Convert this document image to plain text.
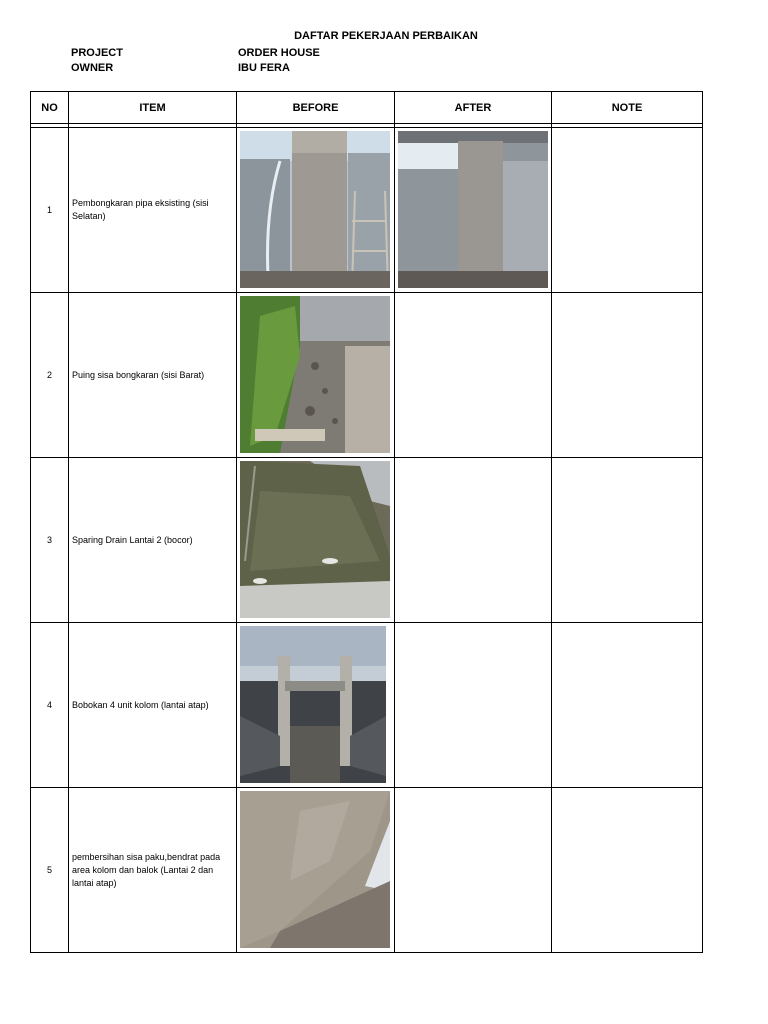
DAFTAR PEKERJAAN PERBAIKAN
PROJECT	ORDER HOUSE
OWNER	IBU FERA
NO	ITEM	BEFORE	AFTER	NOTE

1	Pembongkaran pipa eksisting (sisi Selatan)	

2	Puing sisa bongkaran (sisi Barat)	

3	Sparing Drain Lantai 2 (bocor)	

4	Bobokan 4 unit kolom (lantai atap)	

5	pembersihan sisa paku,bendrat pada area kolom dan balok (Lantai 2 dan lantai atap)	
